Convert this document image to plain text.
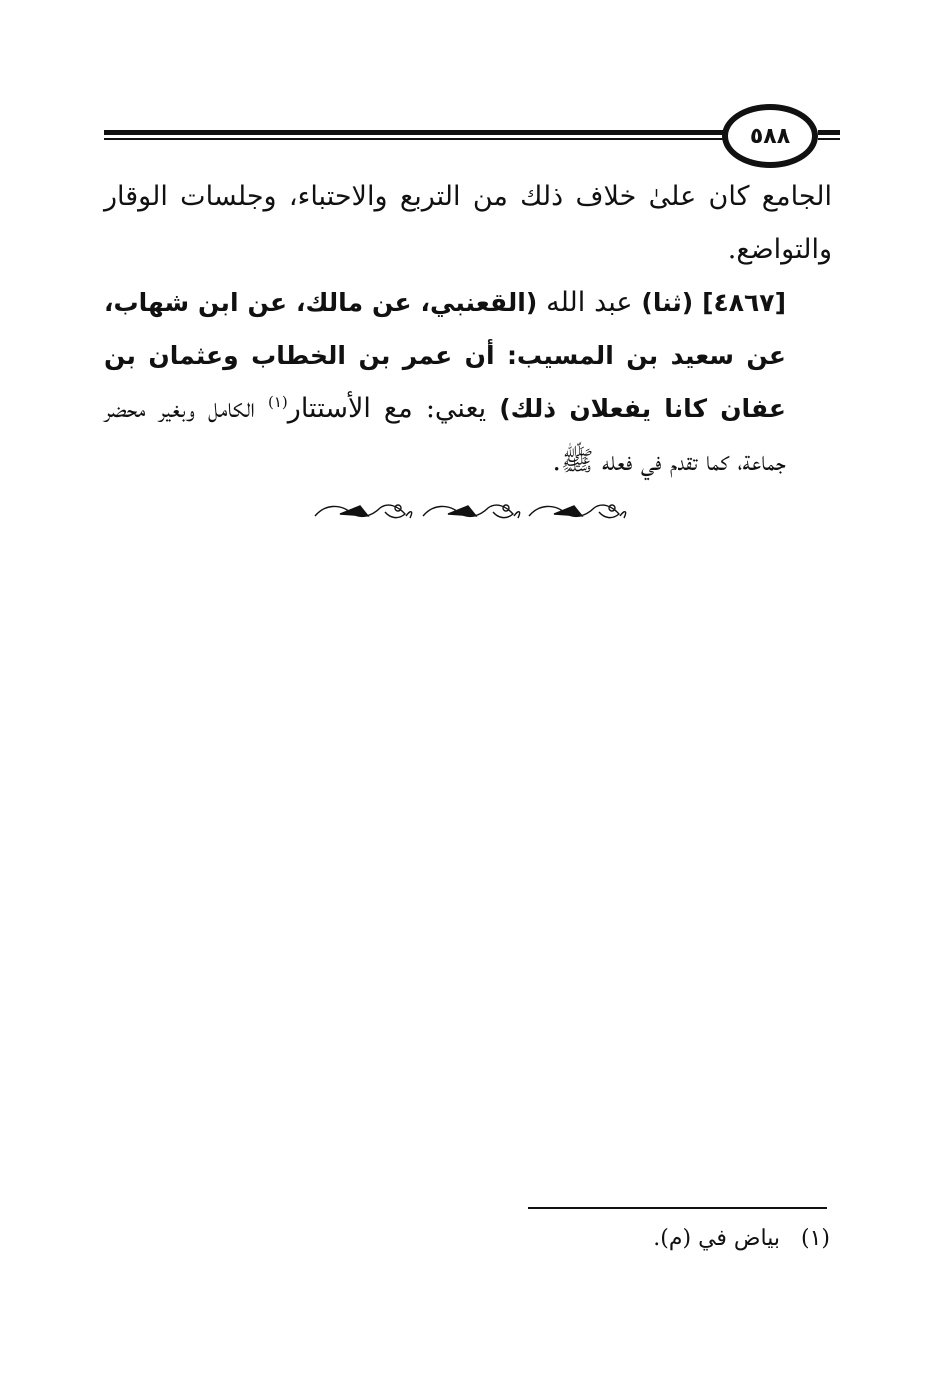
٥٨٨

الجامع كان علىٰ خلاف ذلك من التربع والاحتباء، وجلسات الوقار والتواضع.

[٤٨٦٧] (ثنا) عبد الله (القعنبي، عن مالك، عن ابن شهاب، عن سعيد بن المسيب: أن عمر بن الخطاب وعثمان بن عفان كانا يفعلان ذلك) يعني: مع الأستتار$^{(١)}$ الكامل وبغير محضر جماعة، كما تقدم في فعله ﷺ.

(١) بياض في (م).
